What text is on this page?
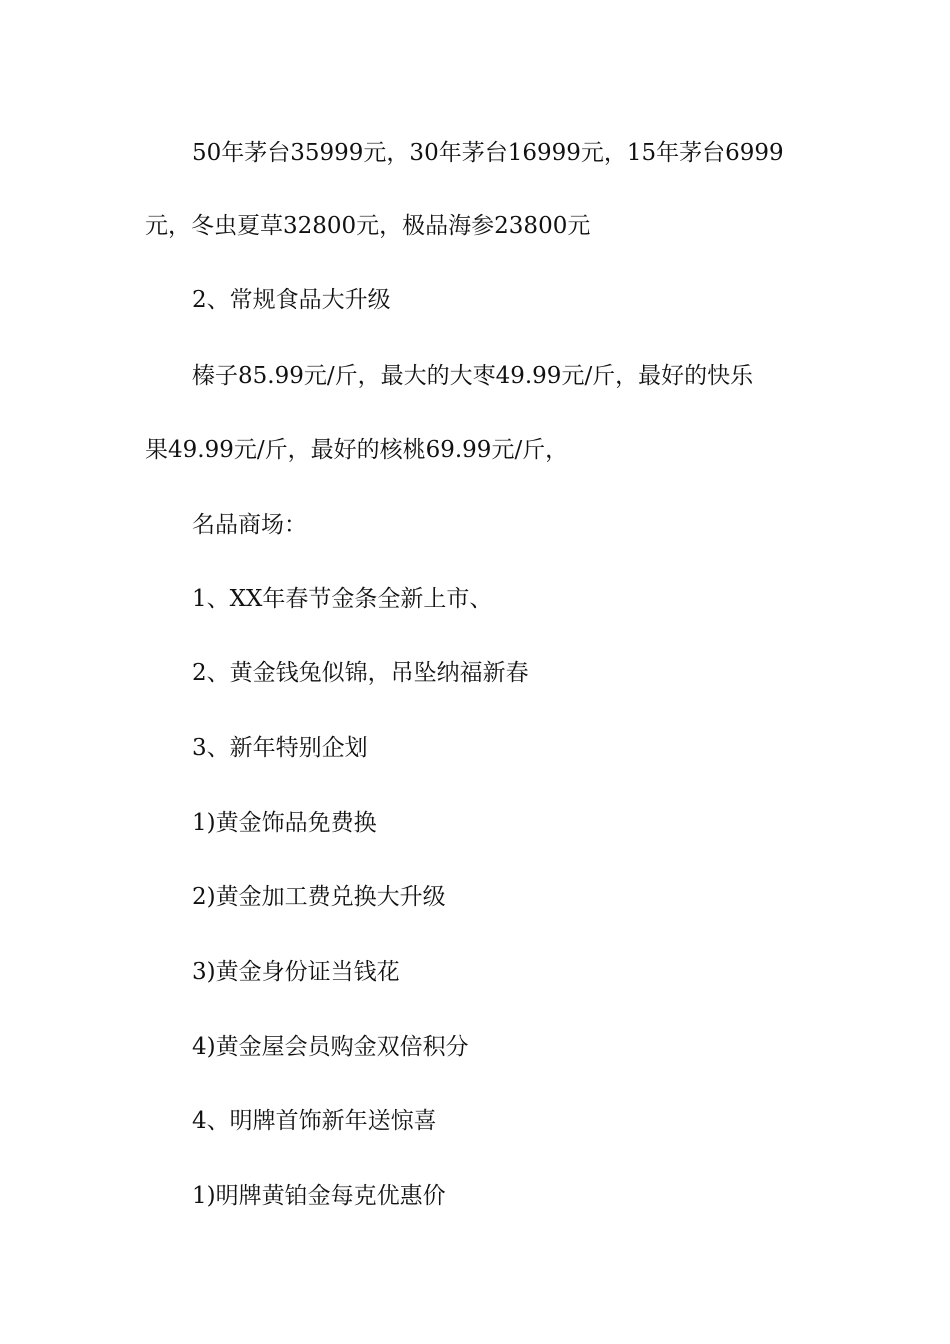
50年茅台35999元，30年茅台16999元，15年茅台6999
元，冬虫夏草32800元，极品海参23800元
2、常规食品大升级
榛子85.99元/斤，最大的大枣49.99元/斤，最好的快乐
果49.99元/斤，最好的核桃69.99元/斤，
名品商场：
1、XX年春节金条全新上市、
2、黄金钱兔似锦，吊坠纳福新春
3、新年特别企划
1)黄金饰品免费换
2)黄金加工费兑换大升级
3)黄金身份证当钱花
4)黄金屋会员购金双倍积分
4、明牌首饰新年送惊喜
1)明牌黄铂金每克优惠价
